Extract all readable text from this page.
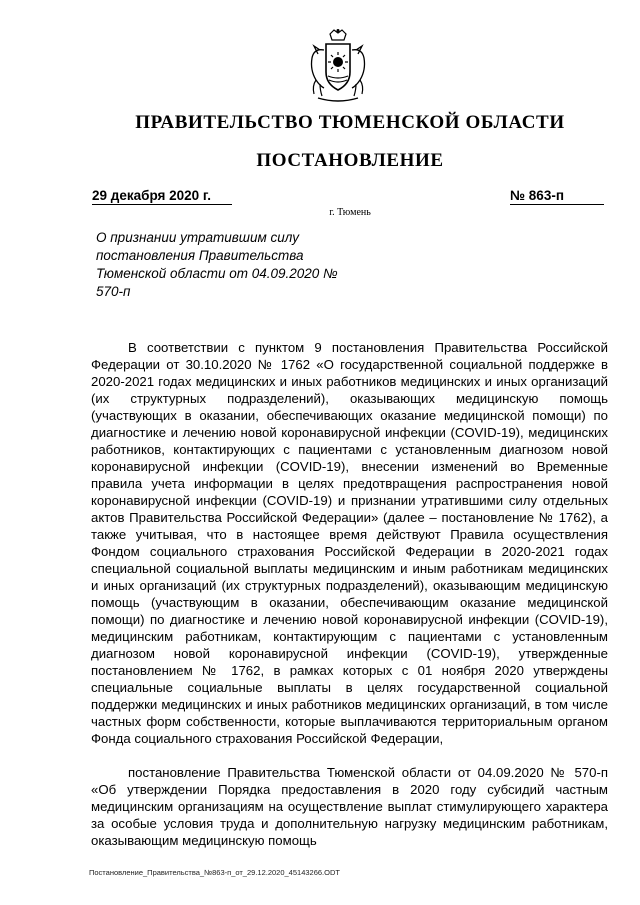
ПРАВИТЕЛЬСТВО ТЮМЕНСКОЙ ОБЛАСТИ
ПОСТАНОВЛЕНИЕ
29 декабря 2020 г.	№ 863-п
г. Тюмень
О признании утратившим силу постановления Правительства Тюменской области от 04.09.2020 № 570-п

В соответствии с пунктом 9 постановления Правительства Российской Федерации от 30.10.2020 № 1762 «О государственной социальной поддержке в 2020-2021 годах медицинских и иных работников медицинских и иных организаций (их структурных подразделений), оказывающих медицинскую помощь (участвующих в оказании, обеспечивающих оказание медицинской помощи) по диагностике и лечению новой коронавирусной инфекции (COVID-19), медицинских работников, контактирующих с пациентами с установленным диагнозом новой коронавирусной инфекции (COVID-19), внесении изменений во Временные правила учета информации в целях предотвращения распространения новой коронавирусной инфекции (COVID-19) и признании утратившими силу отдельных актов Правительства Российской Федерации» (далее – постановление № 1762), а также учитывая, что в настоящее время действуют Правила осуществления Фондом социального страхования Российской Федерации в 2020-2021 годах специальной социальной выплаты медицинским и иным работникам медицинских и иных организаций (их структурных подразделений), оказывающим медицинскую помощь (участвующим в оказании, обеспечивающим оказание медицинской помощи) по диагностике и лечению новой коронавирусной инфекции (COVID-19), медицинским работникам, контактирующим с пациентами с установленным диагнозом новой коронавирусной инфекции (COVID-19), утвержденные постановлением № 1762, в рамках которых с 01 ноября 2020 утверждены специальные социальные выплаты в целях государственной социальной поддержки медицинских и иных работников медицинских организаций, в том числе частных форм собственности, которые выплачиваются территориальным органом Фонда социального страхования Российской Федерации,

постановление Правительства Тюменской области от 04.09.2020 № 570-п «Об утверждении Порядка предоставления в 2020 году субсидий частным медицинским организациям на осуществление выплат стимулирующего характера за особые условия труда и дополнительную нагрузку медицинским работникам, оказывающим медицинскую помощь

Постановление_Правительства_№863-п_от_29.12.2020_45143266.ODT
